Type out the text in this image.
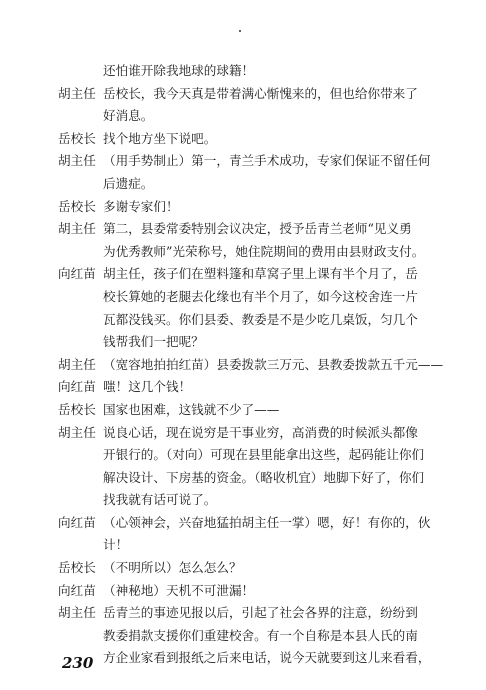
还怕谁开除我地球的球籍！
胡主任 岳校长，我今天真是带着满心惭愧来的，但也给你带来了
好消息。
岳校长 找个地方坐下说吧。
胡主任 （用手势制止）第一，青兰手术成功，专家们保证不留任何
后遗症。
岳校长 多谢专家们！
胡主任 第二，县委常委特别会议决定，授予岳青兰老师“见义勇
为优秀教师”光荣称号，她住院期间的费用由县财政支付。
向红苗 胡主任，孩子们在塑料篷和草窝子里上课有半个月了，岳
校长算她的老腿去化缘也有半个月了，如今这校舍连一片
瓦都没钱买。你们县委、教委是不是少吃几桌饭，匀几个
钱帮我们一把呢？
胡主任 （宽容地拍拍红苗）县委拨款三万元、县教委拨款五千元——
向红苗 嗤！这几个钱！
岳校长 国家也困难，这钱就不少了——
胡主任 说良心话，现在说穷是干事业穷，高消费的时候派头都像
开银行的。（对向）可现在县里能拿出这些，起码能让你们
解决设计、下房基的资金。（略收机宜）地脚下好了，你们
找我就有话可说了。
向红苗 （心领神会，兴奋地猛拍胡主任一掌）嗯，好！有你的，伙
计！
岳校长 （不明所以）怎么怎么？
向红苗 （神秘地）天机不可泄漏！
胡主任 岳青兰的事迹见报以后，引起了社会各界的注意，纷纷到
教委捐款支援你们重建校舍。有一个自称是本县人氏的南
方企业家看到报纸之后来电话，说今天就要到这儿来看看，
230
